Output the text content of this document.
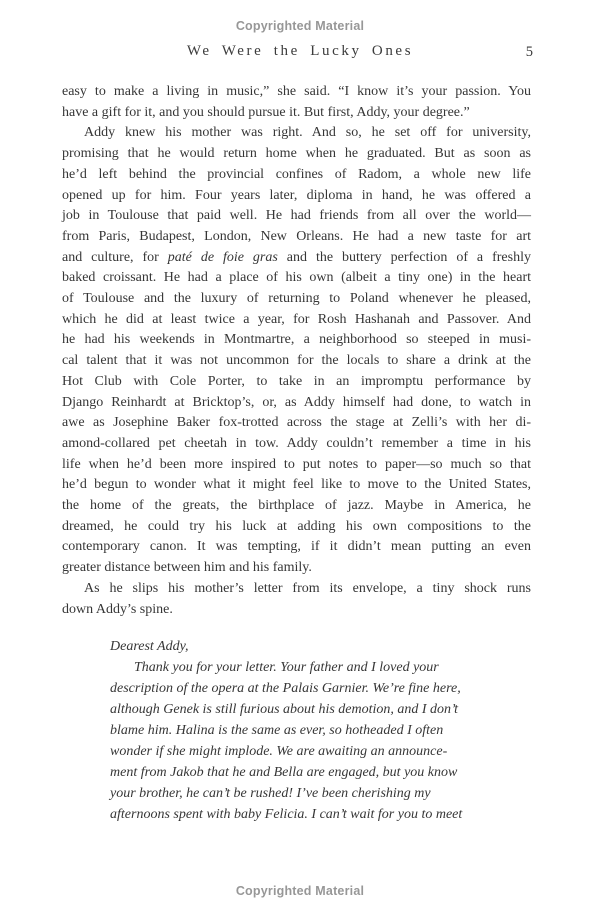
Copyrighted Material
We Were the Lucky Ones	5
easy to make a living in music,” she said. “I know it’s your passion. You
have a gift for it, and you should pursue it. But first, Addy, your degree.”
Addy knew his mother was right. And so, he set off for university,
promising that he would return home when he graduated. But as soon as
he’d left behind the provincial confines of Radom, a whole new life
opened up for him. Four years later, diploma in hand, he was offered a
job in Toulouse that paid well. He had friends from all over the world—
from Paris, Budapest, London, New Orleans. He had a new taste for art
and culture, for paté de foie gras and the buttery perfection of a freshly
baked croissant. He had a place of his own (albeit a tiny one) in the heart
of Toulouse and the luxury of returning to Poland whenever he pleased,
which he did at least twice a year, for Rosh Hashanah and Passover. And
he had his weekends in Montmartre, a neighborhood so steeped in musi-
cal talent that it was not uncommon for the locals to share a drink at the
Hot Club with Cole Porter, to take in an impromptu performance by
Django Reinhardt at Bricktop’s, or, as Addy himself had done, to watch in
awe as Josephine Baker fox-trotted across the stage at Zelli’s with her di-
amond-collared pet cheetah in tow. Addy couldn’t remember a time in his
life when he’d been more inspired to put notes to paper—so much so that
he’d begun to wonder what it might feel like to move to the United States,
the home of the greats, the birthplace of jazz. Maybe in America, he
dreamed, he could try his luck at adding his own compositions to the
contemporary canon. It was tempting, if it didn’t mean putting an even
greater distance between him and his family.
As he slips his mother’s letter from its envelope, a tiny shock runs
down Addy’s spine.
Dearest Addy,
Thank you for your letter. Your father and I loved your
description of the opera at the Palais Garnier. We’re fine here,
although Genek is still furious about his demotion, and I don’t
blame him. Halina is the same as ever, so hotheaded I often
wonder if she might implode. We are awaiting an announce-
ment from Jakob that he and Bella are engaged, but you know
your brother, he can’t be rushed! I’ve been cherishing my
afternoons spent with baby Felicia. I can’t wait for you to meet
Copyrighted Material
